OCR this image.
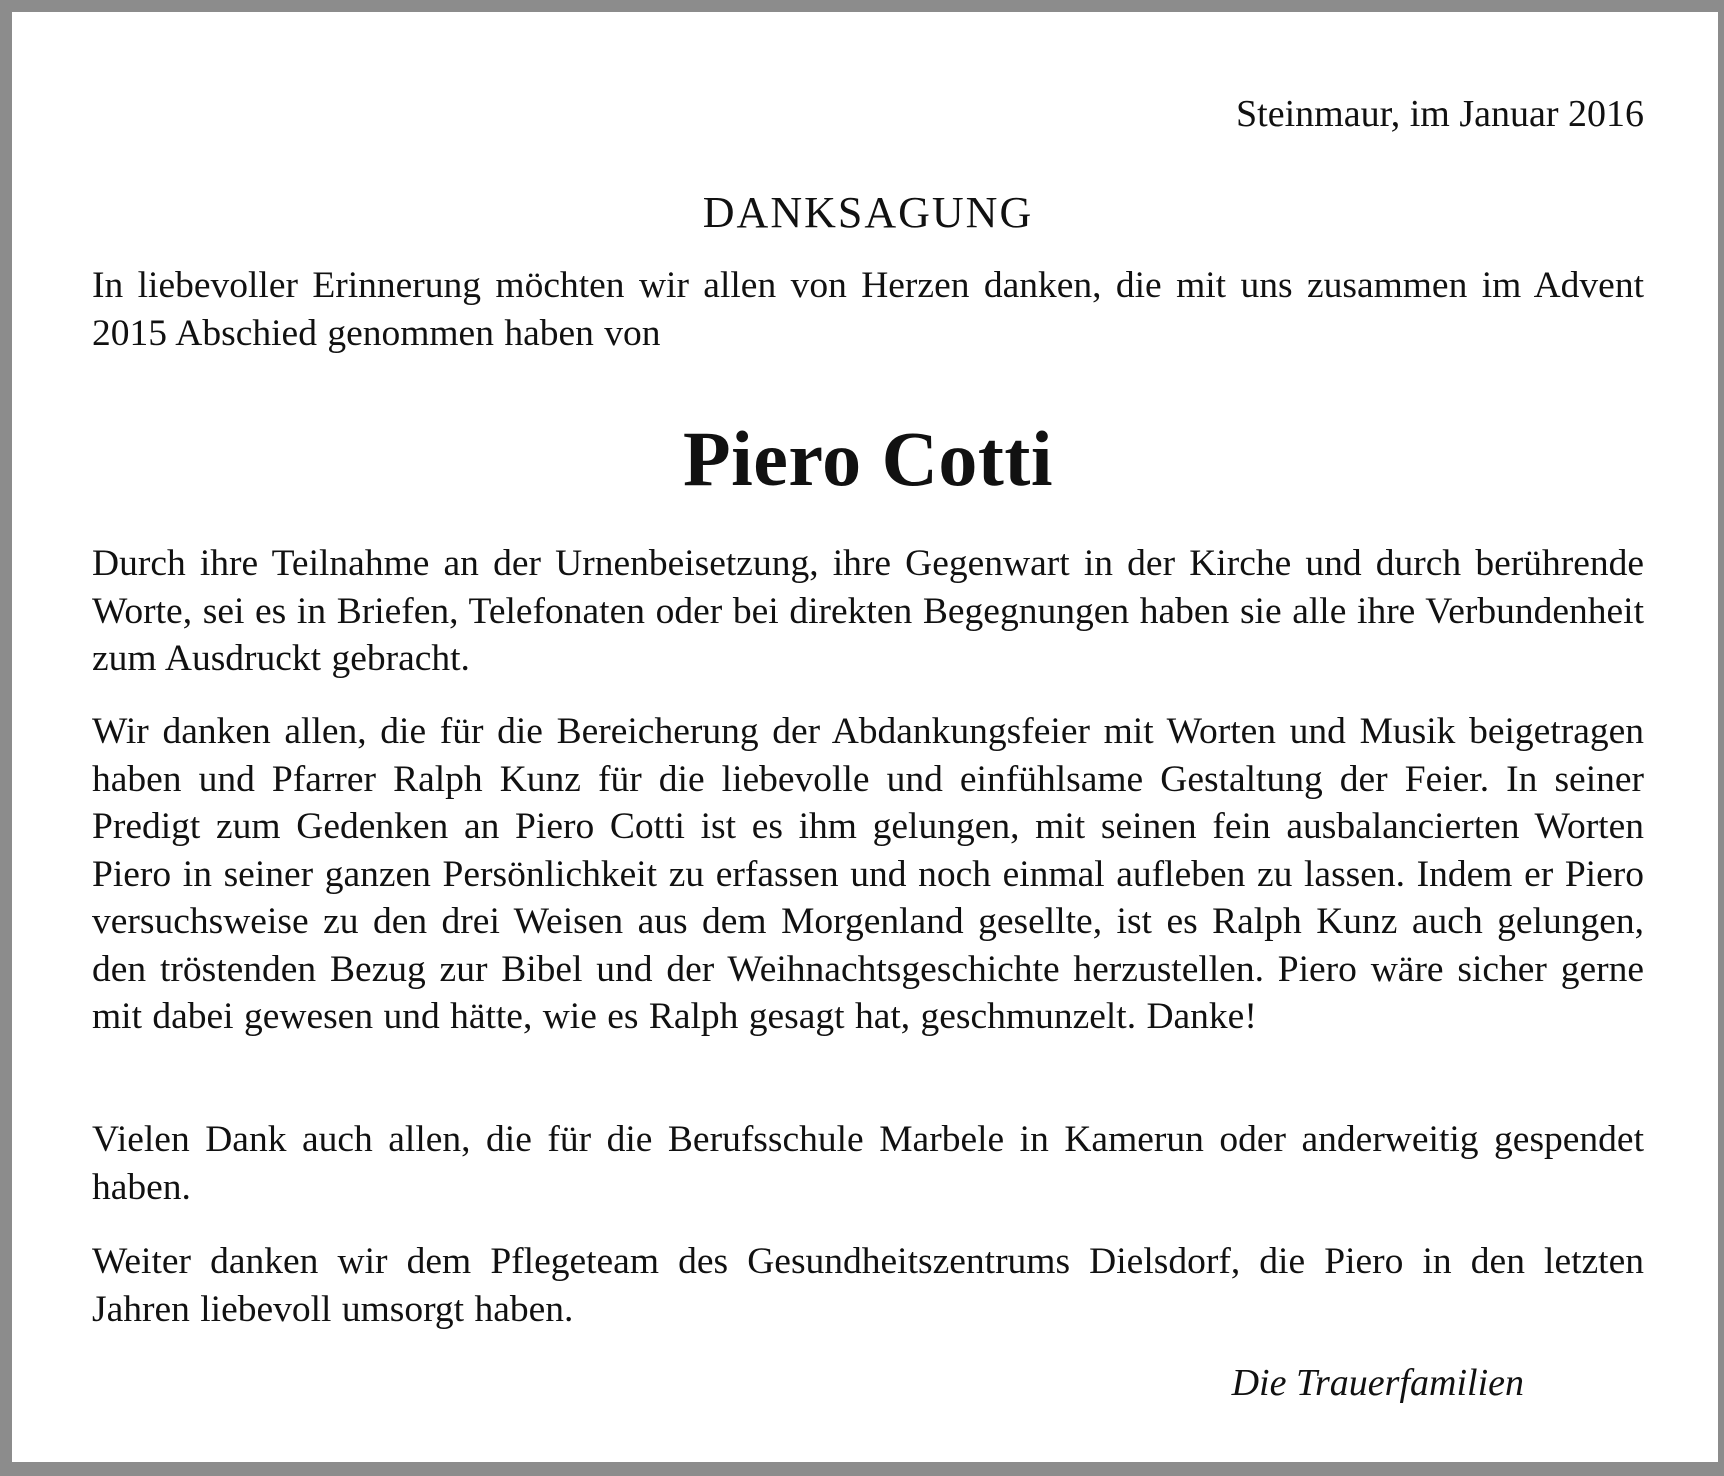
Steinmaur, im Januar 2016
DANKSAGUNG
In liebevoller Erinnerung möchten wir allen von Herzen danken, die mit uns zusammen im Advent 2015 Abschied genommen haben von
Piero Cotti
Durch ihre Teilnahme an der Urnenbeisetzung, ihre Gegenwart in der Kirche und durch berührende Worte, sei es in Briefen, Telefonaten oder bei direkten Begegnungen haben sie alle ihre Verbundenheit zum Ausdruckt gebracht.
Wir danken allen, die für die Bereicherung der Abdankungsfeier mit Worten und Musik beigetragen haben und Pfarrer Ralph Kunz für die liebevolle und einfühlsame Gestaltung der Feier. In seiner Predigt zum Gedenken an Piero Cotti ist es ihm gelungen, mit seinen fein ausbalancierten Worten Piero in seiner ganzen Persönlichkeit zu erfassen und noch einmal aufleben zu lassen. Indem er Piero versuchsweise zu den drei Weisen aus dem Morgenland gesellte, ist es Ralph Kunz auch gelungen, den tröstenden Bezug zur Bibel und der Weihnachtsgeschichte herzustellen. Piero wäre sicher gerne mit dabei gewesen und hätte, wie es Ralph gesagt hat, geschmunzelt. Danke!
Vielen Dank auch allen, die für die Berufsschule Marbele in Kamerun oder anderweitig gespendet haben.
Weiter danken wir dem Pflegeteam des Gesundheitszentrums Dielsdorf, die Piero in den letzten Jahren liebevoll umsorgt haben.
Die Trauerfamilien
